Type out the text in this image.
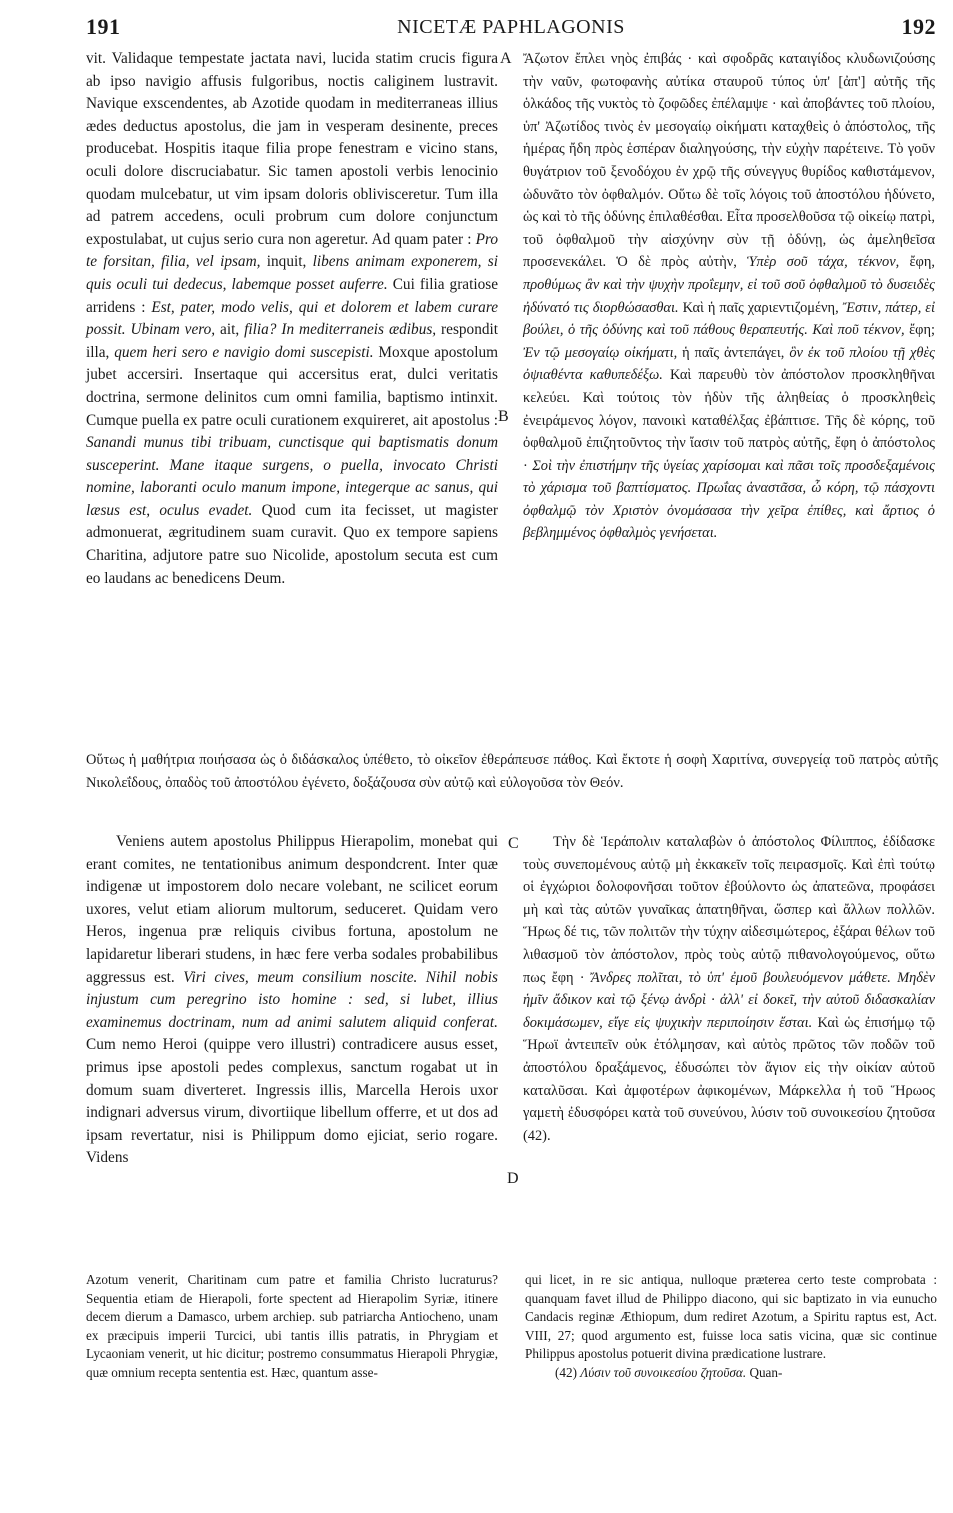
191	NICETÆ PAPHLAGONIS	192
A
B
C
D

vit. Validaque tempestate jactata navi, lucida statim crucis figura ab ipso navigio affusis fulgoribus, noctis caliginem lustravit. Navique exscendentes, ab Azotide quodam in mediterraneas illius ædes deductus apostolus, die jam in vesperam desinente, preces producebat. Hospitis itaque filia prope fenestram e vicino stans, oculi dolore discruciabatur. Sic tamen apostoli verbis lenocinio quodam mulcebatur, ut vim ipsam doloris oblivisceretur. Tum illa ad patrem accedens, oculi probrum cum dolore conjunctum expostulabat, ut cujus serio cura non ageretur. Ad quam pater : Pro te forsitan, filia, vel ipsam, inquit, libens animam exponerem, si quis oculi tui dedecus, labemque posset auferre. Cui filia gratiose arridens : Est, pater, modo velis, qui et dolorem et labem curare possit. Ubinam vero, ait, filia? In mediterraneis ædibus, respondit illa, quem heri sero e navigio domi suscepisti. Moxque apostolum jubet accersiri. Insertaque qui accersitus erat, dulci veritatis doctrina, sermone delinitos cum omni familia, baptismo intinxit. Cumque puella ex patre oculi curationem exquireret, ait apostolus : Sanandi munus tibi tribuam, cunctisque qui baptismatis donum susceperint. Mane itaque surgens, o puella, invocato Christi nomine, laboranti oculo manum impone, integerque ac sanus, qui læsus est, oculus evadet. Quod cum ita fecisset, ut magister admonuerat, ægritudinem suam curavit. Quo ex tempore sapiens Charitina, adjutore patre suo Nicolide, apostolum secuta est cum eo laudans ac benedicens Deum.

Ἄζωτον ἔπλει νηὸς ἐπιβάς · καὶ σφοδρᾶς καταιγίδος κλυδωνιζούσης τὴν ναῦν, φωτοφανὴς αὐτίκα σταυροῦ τύπος ὑπ' [ἀπ'] αὐτῆς τῆς ὁλκάδος τῆς νυκτὸς τὸ ζοφῶδες ἐπέλαμψε · καὶ ἀποβάντες τοῦ πλοίου, ὑπ' Ἀζωτίδος τινὸς ἐν μεσογαίῳ οἰκήματι καταχθεὶς ὁ ἀπόστολος, τῆς ἡμέρας ἤδη πρὸς ἑσπέραν διαληγούσης, τὴν εὐχὴν παρέτεινε. Τὸ γοῦν θυγάτριον τοῦ ξενοδόχου ἐν χρῷ τῆς σύνεγγυς θυρίδος καθιστάμενον, ὠδυνᾶτο τὸν ὀφθαλμόν. Οὕτω δὲ τοῖς λόγοις τοῦ ἀποστόλου ἡδύνετο, ὡς καὶ τὸ τῆς ὀδύνης ἐπιλαθέσθαι. Εἶτα προσελθοῦσα τῷ οἰκείῳ πατρὶ, τοῦ ὀφθαλμοῦ τὴν αἰσχύνην σὺν τῇ ὀδύνῃ, ὡς ἀμεληθεῖσα προσενεκάλει. Ὁ δὲ πρὸς αὐτὴν, Ὑπὲρ σοῦ τάχα, τέκνον, ἔφη, προθύμως ἂν καὶ τὴν ψυχὴν προΐεμην, εἰ τοῦ σοῦ ὀφθαλμοῦ τὸ δυσειδὲς ἠδύνατό τις διορθώσασθαι. Καὶ ἡ παῖς χαριεντιζομένη, Ἔστιν, πάτερ, εἰ βούλει, ὁ τῆς ὀδύνης καὶ τοῦ πάθους θεραπευτής. Καὶ ποῦ τέκνον, ἔφη; Ἐν τῷ μεσογαίῳ οἰκήματι, ἡ παῖς ἀντεπάγει, ὃν ἐκ τοῦ πλοίου τῇ χθὲς ὀψιαθέντα καθυπεδέξω. Καὶ παρευθὺ τὸν ἀπόστολον προσκληθῆναι κελεύει. Καὶ τούτοις τὸν ἡδὺν τῆς ἀληθείας ὁ προσκληθεὶς ἐνειράμενος λόγον, πανοικὶ καταθέλξας ἐβάπτισε. Τῆς δὲ κόρης, τοῦ ὀφθαλμοῦ ἐπιζητοῦντος τὴν ἴασιν τοῦ πατρὸς αὐτῆς, ἔφη ὁ ἀπόστολος · Σοὶ τὴν ἐπιστήμην τῆς ὑγείας χαρίσομαι καὶ πᾶσι τοῖς προσδεξαμένοις τὸ χάρισμα τοῦ βαπτίσματος. Πρωΐας ἀναστᾶσα, ὦ κόρη, τῷ πάσχοντι ὀφθαλμῷ τὸν Χριστὸν ὀνομάσασα τὴν χεῖρα ἐπίθες, καὶ ἄρτιος ὁ βεβλημμένος ὀφθαλμὸς γενήσεται.

Οὕτως ἡ μαθήτρια ποιήσασα ὡς ὁ διδάσκαλος ὑπέθετο, τὸ οἰκεῖον ἐθεράπευσε πάθος. Καὶ ἔκτοτε ἡ σοφὴ Χαριτίνα, συνεργείᾳ τοῦ πατρὸς αὐτῆς Νικολεΐδους, ὀπαδὸς τοῦ ἀποστόλου ἐγένετο, δοξάζουσα σὺν αὐτῷ καὶ εὐλογοῦσα τὸν Θεόν.

Veniens autem apostolus Philippus Hierapolim, monebat qui erant comites, ne tentationibus animum despondcrent. Inter quæ indigenæ ut impostorem dolo necare volebant, ne scilicet eorum uxores, velut etiam aliorum multorum, seduceret. Quidam vero Heros, ingenua præ reliquis civibus fortuna, apostolum ne lapidaretur liberari studens, in hæc fere verba sodales probabilibus aggressus est. Viri cives, meum consilium noscite. Nihil nobis injustum cum peregrino isto homine : sed, si lubet, illius examinemus doctrinam, num ad animi salutem aliquid conferat. Cum nemo Heroi (quippe vero illustri) contradicere ausus esset, primus ipse apostoli pedes complexus, sanctum rogabat ut in domum suam diverteret. Ingressis illis, Marcella Herois uxor indignari adversus virum, divortiique libellum offerre, et ut dos ad ipsam revertatur, nisi is Philippum domo ejiciat, serio rogare. Videns

Τὴν δὲ Ἱεράπολιν καταλαβὼν ὁ ἀπόστολος Φίλιππος, ἐδίδασκε τοὺς συνεπομένους αὐτῷ μὴ ἐκκακεῖν τοῖς πειρασμοῖς. Καὶ ἐπὶ τούτῳ οἱ ἐγχώριοι δολοφονῆσαι τοῦτον ἐβούλοντο ὡς ἀπατεῶνα, προφάσει μὴ καὶ τὰς αὐτῶν γυναῖκας ἀπατηθῆναι, ὥσπερ καὶ ἄλλων πολλῶν. Ἥρως δέ τις, τῶν πολιτῶν τὴν τύχην αἰδεσιμώτερος, ἐξάραι θέλων τοῦ λιθασμοῦ τὸν ἀπόστολον, πρὸς τοὺς αὐτῷ πιθανολογούμενος, οὕτω πως ἔφη · Ἄνδρες πολῖται, τὸ ὑπ' ἐμοῦ βουλευόμενον μάθετε. Μηδὲν ἡμῖν ἄδικον καὶ τῷ ξένῳ ἀνδρὶ · ἀλλ' εἰ δοκεῖ, τὴν αὐτοῦ διδασκαλίαν δοκιμάσωμεν, εἴγε εἰς ψυχικὴν περιποίησιν ἔσται. Καὶ ὡς ἐπισήμῳ τῷ Ἥρωϊ ἀντειπεῖν οὐκ ἐτόλμησαν, καὶ αὐτὸς πρῶτος τῶν ποδῶν τοῦ ἀποστόλου δραξάμενος, ἐδυσώπει τὸν ἅγιον εἰς τὴν οἰκίαν αὐτοῦ καταλῦσαι. Καὶ ἀμφοτέρων ἀφικομένων, Μάρκελλα ἡ τοῦ Ἥρωος γαμετὴ ἐδυσφόρει κατὰ τοῦ συνεύνου, λύσιν τοῦ συνοικεσίου ζητοῦσα (42).

Azotum venerit, Charitinam cum patre et familia Christo lucraturus? Sequentia etiam de Hierapoli, forte spectent ad Hierapolim Syriæ, itinere decem dierum a Damasco, urbem archiep. sub patriarcha Antiocheno, unam ex præcipuis imperii Turcici, ubi tantis illis patratis, in Phrygiam et Lycaoniam venerit, ut hic dicitur; postremo consummatus Hierapoli Phrygiæ, quæ omnium recepta sententia est. Hæc, quantum asse-

qui licet, in re sic antiqua, nulloque præterea certo teste comprobata : quanquam favet illud de Philippo diacono, qui sic baptizato in via eunucho Candacis reginæ Æthiopum, dum rediret Azotum, a Spiritu raptus est, Act. VIII, 27; quod argumento est, fuisse loca satis vicina, quæ sic continue Philippus apostolus potuerit divina prædicatione lustrare.

(42) Λύσιν τοῦ συνοικεσίου ζητοῦσα. Quan-
